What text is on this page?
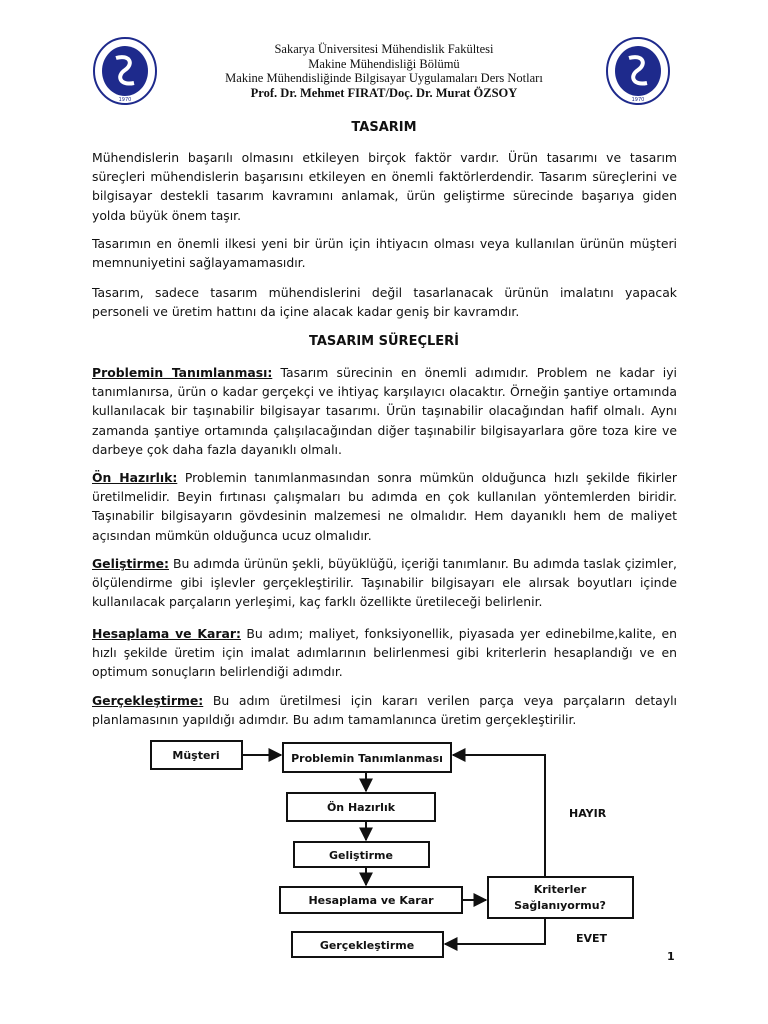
1970	1970
Sakarya Üniversitesi Mühendislik Fakültesi
Makine Mühendisliği Bölümü
Makine Mühendisliğinde Bilgisayar Uygulamaları Ders Notları
Prof. Dr. Mehmet FIRAT/Doç. Dr. Murat ÖZSOY
TASARIM

Mühendislerin başarılı olmasını etkileyen birçok faktör vardır. Ürün tasarımı ve tasarım süreçleri mühendislerin başarısını etkileyen en önemli faktörlerdendir. Tasarım süreçlerini ve bilgisayar destekli tasarım kavramını anlamak, ürün geliştirme sürecinde başarıya giden yolda büyük önem taşır.

Tasarımın en önemli ilkesi yeni bir ürün için ihtiyacın olması veya kullanılan ürünün müşteri memnuniyetini sağlayamamasıdır.

Tasarım, sadece tasarım mühendislerini değil tasarlanacak ürünün imalatını yapacak personeli ve üretim hattını da içine alacak kadar geniş bir kavramdır.

TASARIM SÜREÇLERİ

Problemin Tanımlanması: Tasarım sürecinin en önemli adımıdır. Problem ne kadar iyi tanımlanırsa, ürün o kadar gerçekçi ve ihtiyaç karşılayıcı olacaktır. Örneğin şantiye ortamında kullanılacak bir taşınabilir bilgisayar tasarımı. Ürün taşınabilir olacağından hafif olmalı. Aynı zamanda şantiye ortamında çalışılacağından diğer taşınabilir bilgisayarlara göre toza kire ve darbeye çok daha fazla dayanıklı olmalı.

Ön Hazırlık: Problemin tanımlanmasından sonra mümkün olduğunca hızlı şekilde fikirler üretilmelidir. Beyin fırtınası çalışmaları bu adımda en çok kullanılan yöntemlerden biridir. Taşınabilir bilgisayarın gövdesinin malzemesi ne olmalıdır. Hem dayanıklı hem de maliyet açısından mümkün olduğunca ucuz olmalıdır.

Geliştirme: Bu adımda ürünün şekli, büyüklüğü, içeriği tanımlanır. Bu adımda taslak çizimler, ölçülendirme gibi işlevler gerçekleştirilir. Taşınabilir bilgisayarı ele alırsak boyutları içinde kullanılacak parçaların yerleşimi, kaç farklı özellikte üretileceği belirlenir.

Hesaplama ve Karar: Bu adım; maliyet, fonksiyonellik, piyasada yer edinebilme,kalite, en hızlı şekilde üretim için imalat adımlarının belirlenmesi gibi kriterlerin hesaplandığı ve en optimum sonuçların belirlendiği adımdır.

Gerçekleştirme: Bu adım üretilmesi için kararı verilen parça veya parçaların detaylı planlamasının yapıldığı adımdır. Bu adım tamamlanınca üretim gerçekleştirilir.

Müşteri	Problemin Tanımlanması
Ön Hazırlık
Geliştirme
Hesaplama ve Karar
Kriterler
Sağlanıyormu?
Gerçekleştirme
HAYIR
EVET
1
